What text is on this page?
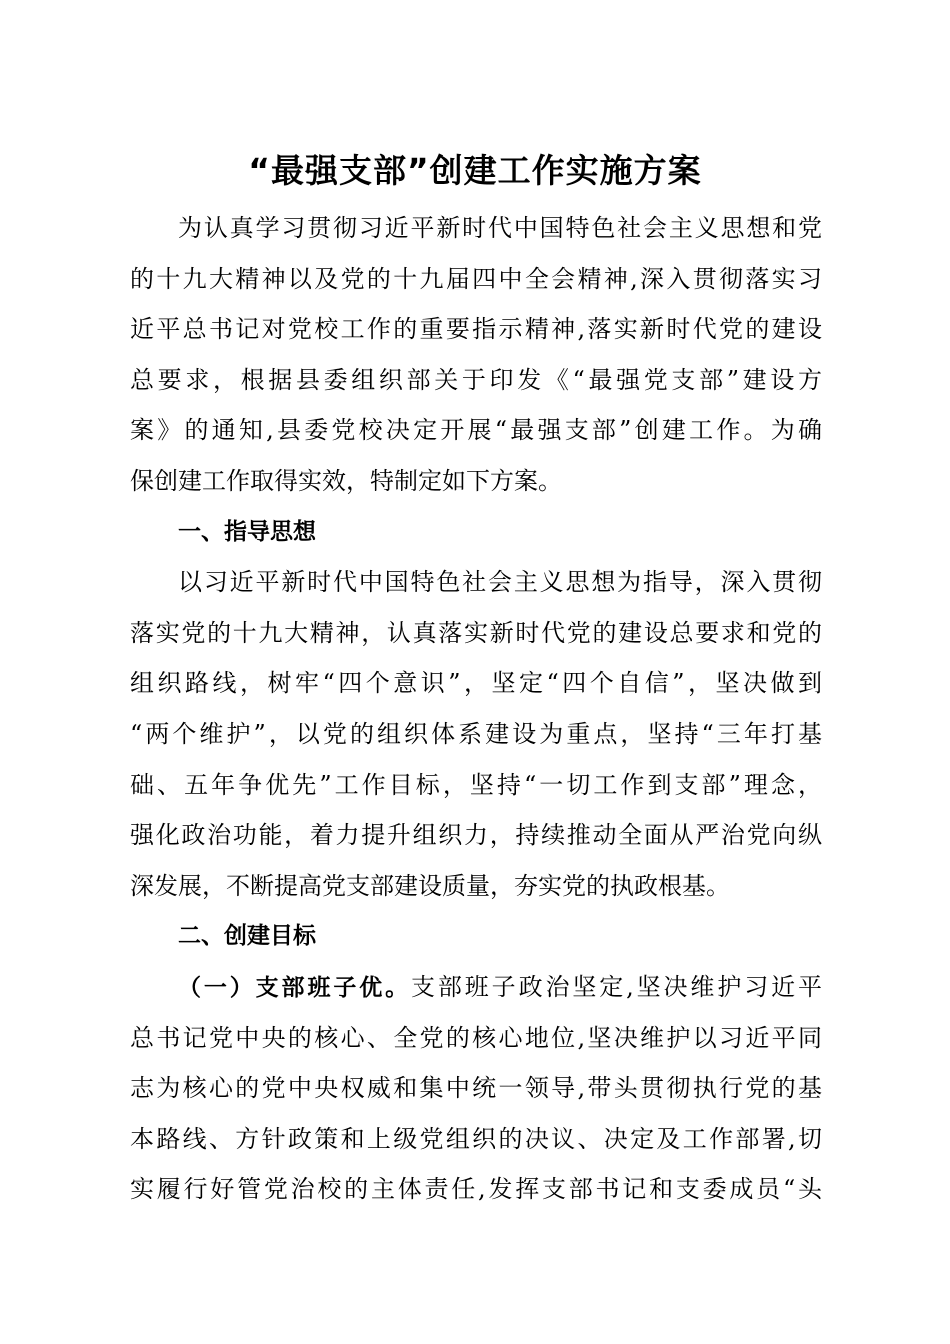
“最强支部”创建工作实施方案
为认真学习贯彻习近平新时代中国特色社会主义思想和党
的十九大精神以及党的十九届四中全会精神,深入贯彻落实习
近平总书记对党校工作的重要指示精神,落实新时代党的建设
总要求，根据县委组织部关于印发《“最强党支部”建设方
案》的通知,县委党校决定开展“最强支部”创建工作。为确
保创建工作取得实效，特制定如下方案。
一、指导思想
以习近平新时代中国特色社会主义思想为指导，深入贯彻
落实党的十九大精神，认真落实新时代党的建设总要求和党的
组织路线，树牢“四个意识”，坚定“四个自信”，坚决做到
“两个维护”，以党的组织体系建设为重点，坚持“三年打基
础、五年争优先”工作目标，坚持“一切工作到支部”理念，
强化政治功能，着力提升组织力，持续推动全面从严治党向纵
深发展，不断提高党支部建设质量，夯实党的执政根基。
二、创建目标
（一）支部班子优。支部班子政治坚定,坚决维护习近平
总书记党中央的核心、全党的核心地位,坚决维护以习近平同
志为核心的党中央权威和集中统一领导,带头贯彻执行党的基
本路线、方针政策和上级党组织的决议、决定及工作部署,切
实履行好管党治校的主体责任,发挥支部书记和支委成员“头
